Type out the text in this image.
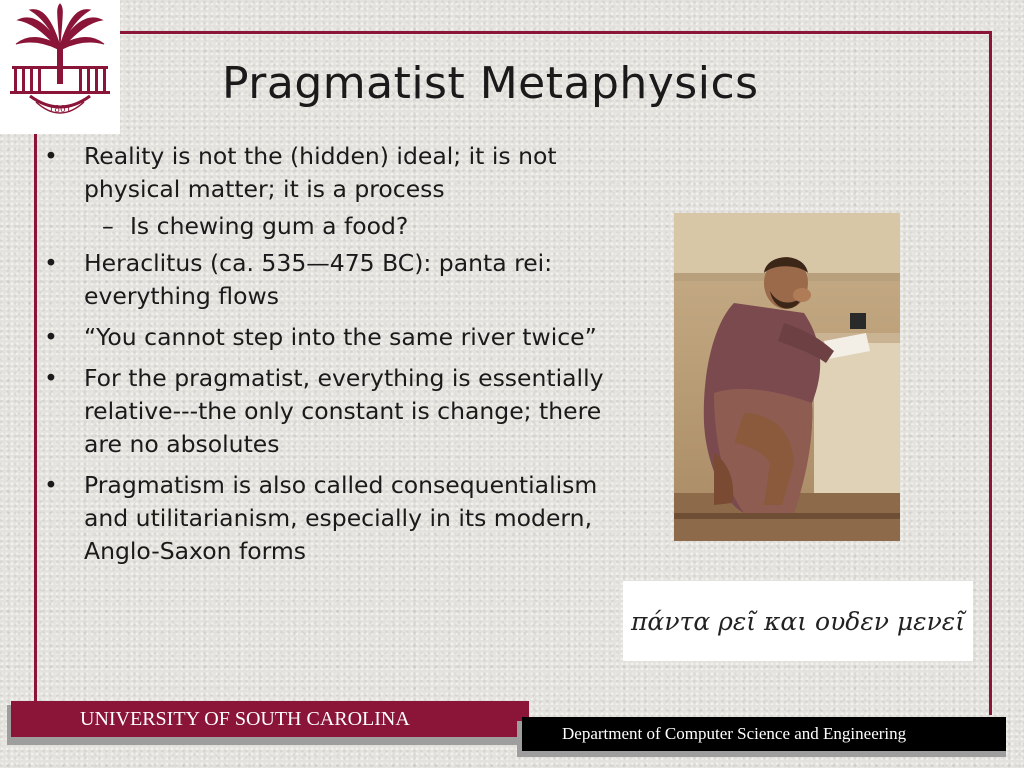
1801
Pragmatist Metaphysics
• Reality is not the (hidden) ideal; it is not physical matter; it is a process
– Is chewing gum a food?
• Heraclitus (ca. 535—475 BC): panta rei: everything flows
• “You cannot step into the same river twice”
• For the pragmatist, everything is essentially relative---the only constant is change; there are no absolutes
• Pragmatism is also called consequentialism and utilitarianism, especially in its modern, Anglo-Saxon forms
πάντα ρεῖ και ουδεν μενεῖ
UNIVERSITY OF SOUTH CAROLINA
Department of Computer Science and Engineering
